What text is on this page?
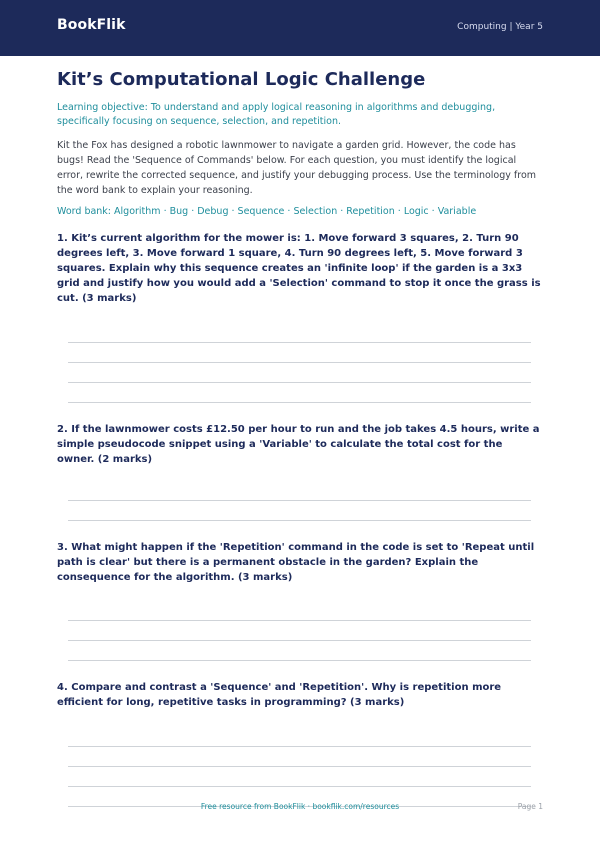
BookFlik	Computing | Year 5
Kit’s Computational Logic Challenge
Learning objective: To understand and apply logical reasoning in algorithms and debugging, specifically focusing on sequence, selection, and repetition.
Kit the Fox has designed a robotic lawnmower to navigate a garden grid. However, the code has bugs! Read the 'Sequence of Commands' below. For each question, you must identify the logical error, rewrite the corrected sequence, and justify your debugging process. Use the terminology from the word bank to explain your reasoning.
Word bank: Algorithm · Bug · Debug · Sequence · Selection · Repetition · Logic · Variable
1. Kit’s current algorithm for the mower is: 1. Move forward 3 squares, 2. Turn 90 degrees left, 3. Move forward 1 square, 4. Turn 90 degrees left, 5. Move forward 3 squares. Explain why this sequence creates an 'infinite loop' if the garden is a 3x3 grid and justify how you would add a 'Selection' command to stop it once the grass is cut. (3 marks)
2. If the lawnmower costs £12.50 per hour to run and the job takes 4.5 hours, write a simple pseudocode snippet using a 'Variable' to calculate the total cost for the owner. (2 marks)
3. What might happen if the 'Repetition' command in the code is set to 'Repeat until path is clear' but there is a permanent obstacle in the garden? Explain the consequence for the algorithm. (3 marks)
4. Compare and contrast a 'Sequence' and 'Repetition'. Why is repetition more efficient for long, repetitive tasks in programming? (3 marks)
Free resource from BookFlik · bookflik.com/resources	Page 1
